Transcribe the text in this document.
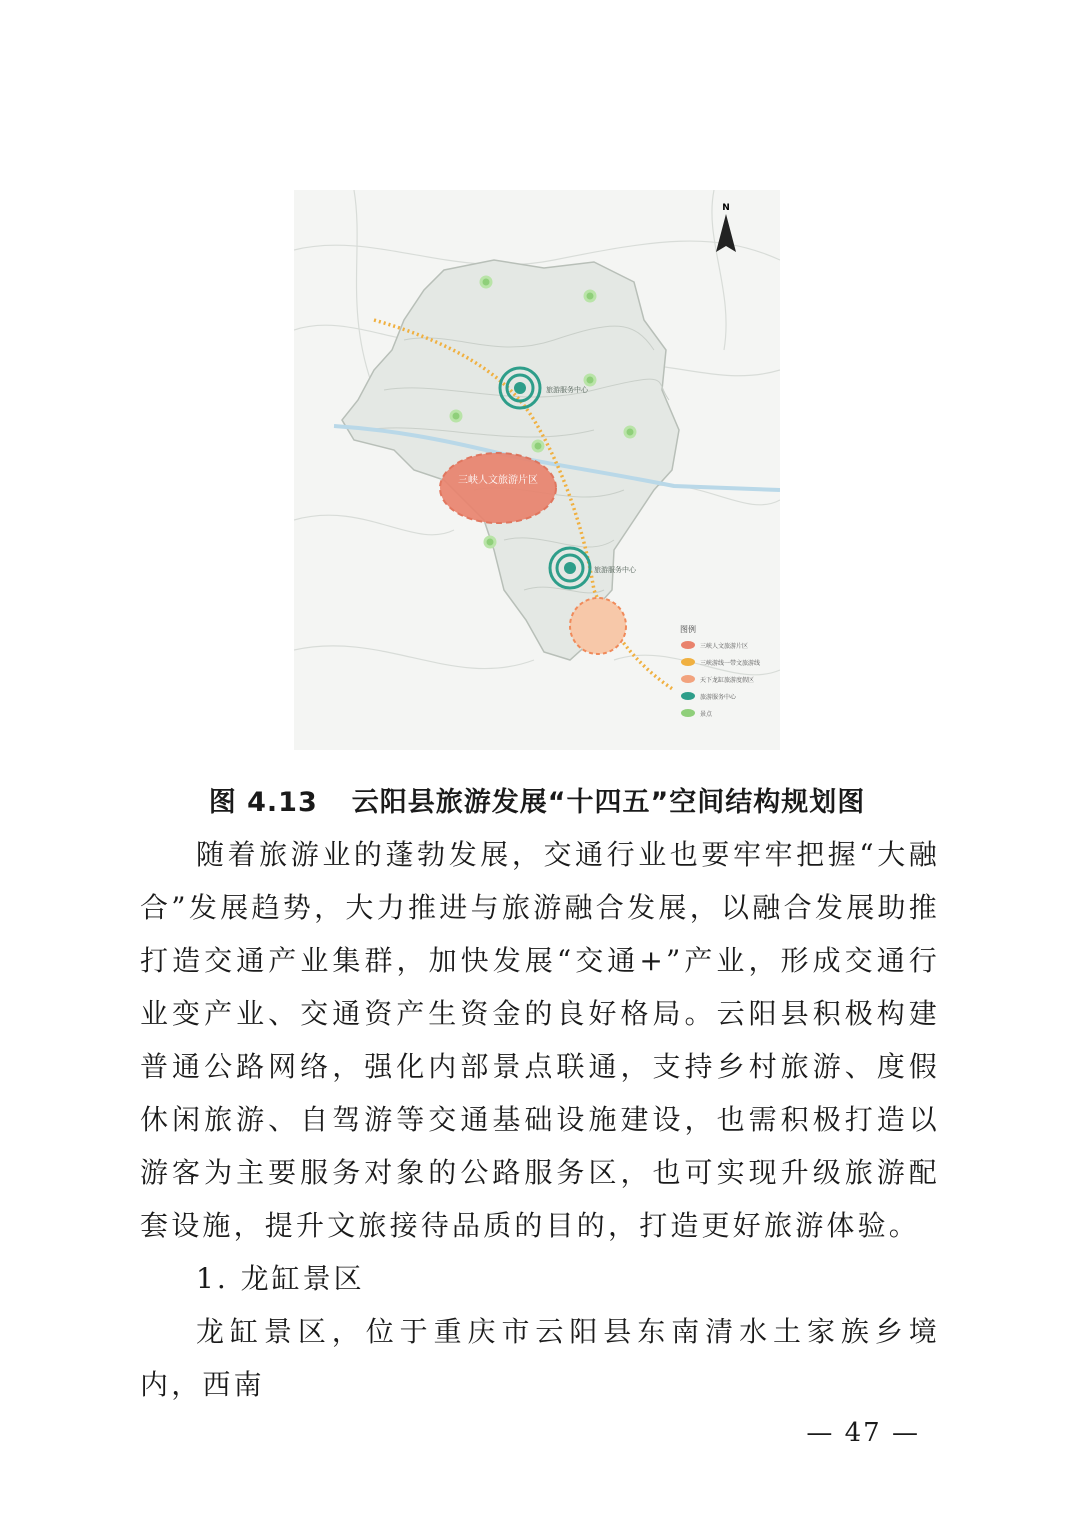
三峡人文旅游片区
旅游服务中心
旅游服务中心
N
图例
三峡人文旅游片区
三峡游线一带文旅游线
天下龙缸旅游度假区
旅游服务中心
景点
图 4.13 云阳县旅游发展“十四五”空间结构规划图

随着旅游业的蓬勃发展，交通行业也要牢牢把握“大融合”发展趋势，大力推进与旅游融合发展，以融合发展助推打造交通产业集群，加快发展“交通+”产业，形成交通行业变产业、交通资产生资金的良好格局。云阳县积极构建普通公路网络，强化内部景点联通，支持乡村旅游、度假休闲旅游、自驾游等交通基础设施建设，也需积极打造以游客为主要服务对象的公路服务区，也可实现升级旅游配套设施，提升文旅接待品质的目的，打造更好旅游体验。

1. 龙缸景区

龙缸景区，位于重庆市云阳县东南清水土家族乡境内，西南

— 47 —
